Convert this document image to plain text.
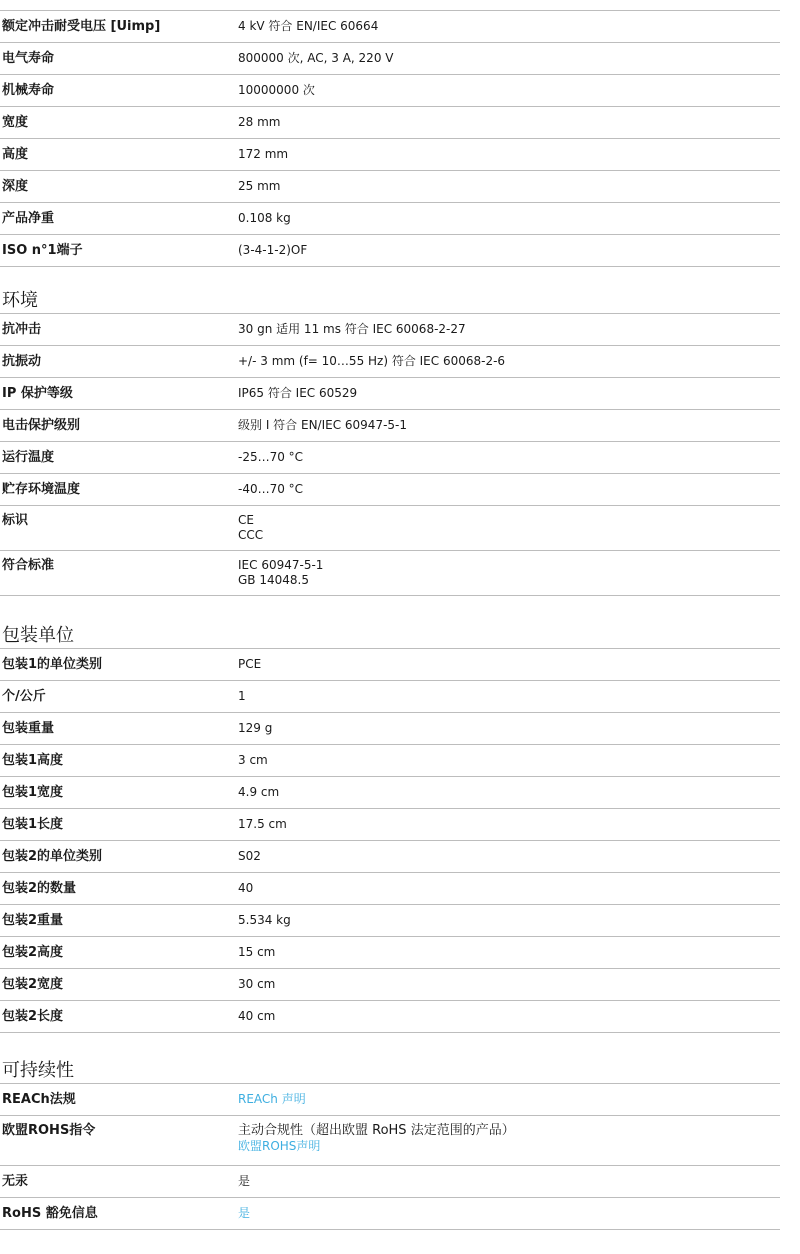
额定冲击耐受电压 [Uimp]	4 kV 符合 EN/IEC 60664
电气寿命	800000 次, AC, 3 A, 220 V
机械寿命	10000000 次
宽度	28 mm
高度	172 mm
深度	25 mm
产品净重	0.108 kg
ISO n°1端子	(3-4-1-2)OF
环境
抗冲击	30 gn 适用 11 ms 符合 IEC 60068-2-27
抗振动	+/- 3 mm (f= 10…55 Hz) 符合 IEC 60068-2-6
IP 保护等级	IP65 符合 IEC 60529
电击保护级别	级别 I 符合 EN/IEC 60947-5-1
运行温度	-25…70 °C
贮存环境温度	-40…70 °C
标识	CE
CCC
符合标准	IEC 60947-5-1
GB 14048.5
包装单位
包装1的单位类别	PCE
个/公斤	1
包装重量	129 g
包装1高度	3 cm
包装1宽度	4.9 cm
包装1长度	17.5 cm
包装2的单位类别	S02
包装2的数量	40
包装2重量	5.534 kg
包装2高度	15 cm
包装2宽度	30 cm
包装2长度	40 cm
可持续性
REACh法规	REACh 声明
欧盟ROHS指令	主动合规性（超出欧盟 RoHS 法定范围的产品）
欧盟ROHS声明
无汞	是
RoHS 豁免信息	是
